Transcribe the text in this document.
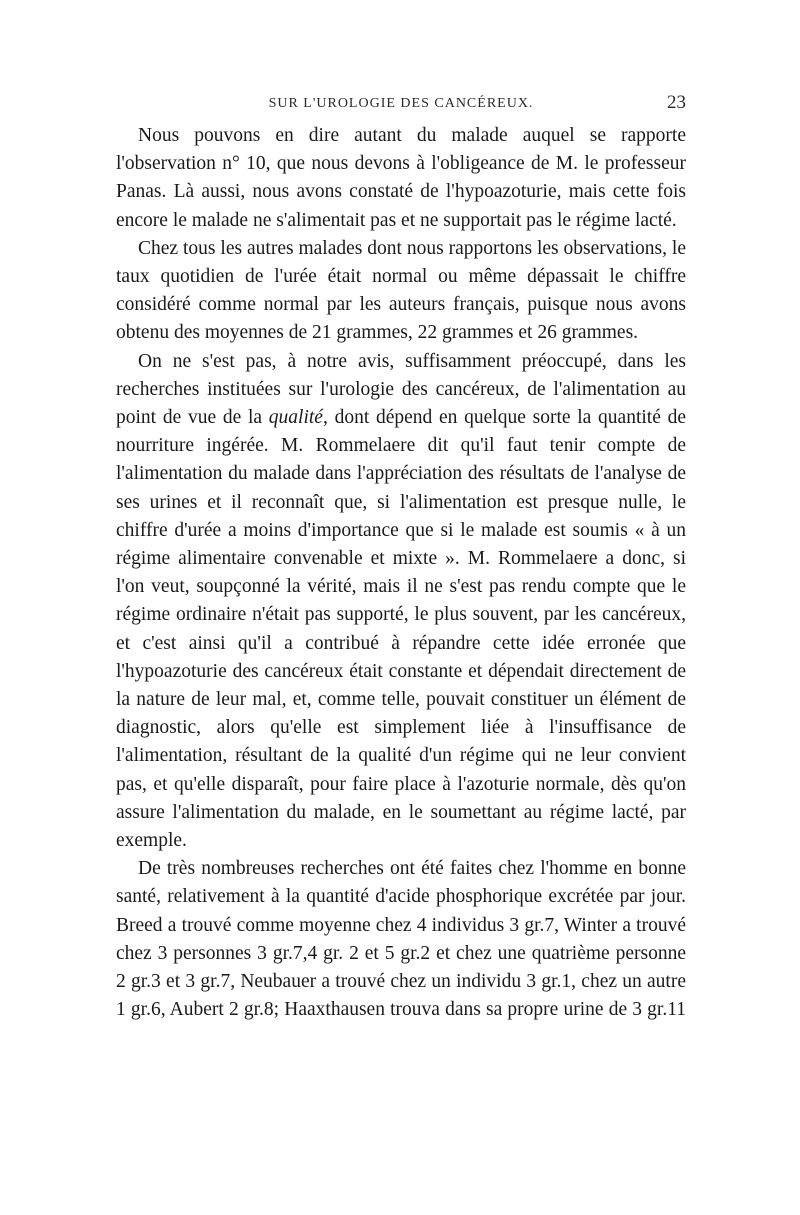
SUR L'UROLOGIE DES CANCÉREUX.	23

Nous pouvons en dire autant du malade auquel se rapporte l'observation n° 10, que nous devons à l'obligeance de M. le professeur Panas. Là aussi, nous avons constaté de l'hypoazoturie, mais cette fois encore le malade ne s'alimentait pas et ne supportait pas le régime lacté.

Chez tous les autres malades dont nous rapportons les observations, le taux quotidien de l'urée était normal ou même dépassait le chiffre considéré comme normal par les auteurs français, puisque nous avons obtenu des moyennes de 21 grammes, 22 grammes et 26 grammes.

On ne s'est pas, à notre avis, suffisamment préoccupé, dans les recherches instituées sur l'urologie des cancéreux, de l'alimentation au point de vue de la qualité, dont dépend en quelque sorte la quantité de nourriture ingérée. M. Rommelaere dit qu'il faut tenir compte de l'alimentation du malade dans l'appréciation des résultats de l'analyse de ses urines et il reconnaît que, si l'alimentation est presque nulle, le chiffre d'urée a moins d'importance que si le malade est soumis « à un régime alimentaire convenable et mixte ». M. Rommelaere a donc, si l'on veut, soupçonné la vérité, mais il ne s'est pas rendu compte que le régime ordinaire n'était pas supporté, le plus souvent, par les cancéreux, et c'est ainsi qu'il a contribué à répandre cette idée erronée que l'hypoazoturie des cancéreux était constante et dépendait directement de la nature de leur mal, et, comme telle, pouvait constituer un élément de diagnostic, alors qu'elle est simplement liée à l'insuffisance de l'alimentation, résultant de la qualité d'un régime qui ne leur convient pas, et qu'elle disparaît, pour faire place à l'azoturie normale, dès qu'on assure l'alimentation du malade, en le soumettant au régime lacté, par exemple.

De très nombreuses recherches ont été faites chez l'homme en bonne santé, relativement à la quantité d'acide phosphorique excrétée par jour. Breed a trouvé comme moyenne chez 4 individus 3 gr.7, Winter a trouvé chez 3 personnes 3 gr.7,4 gr. 2 et 5 gr.2 et chez une quatrième personne 2 gr.3 et 3 gr.7, Neubauer a trouvé chez un individu 3 gr.1, chez un autre 1 gr.6, Aubert 2 gr.8; Haaxthausen trouva dans sa propre urine de 3 gr.11
